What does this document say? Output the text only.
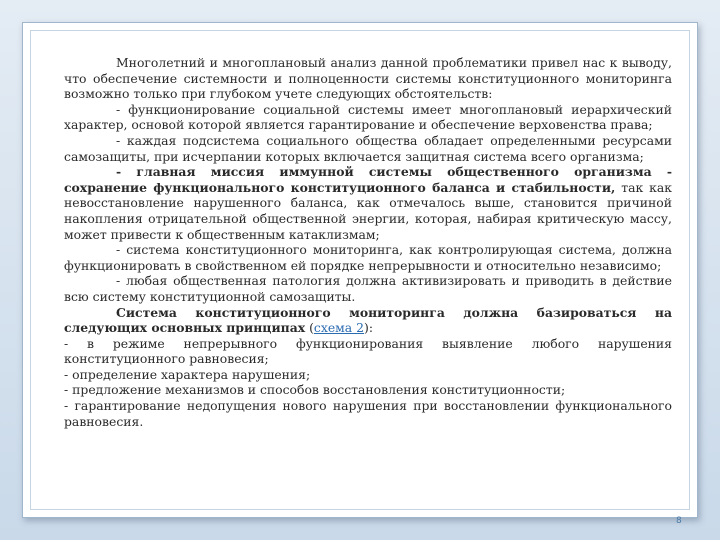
Многолетний и многоплановый анализ данной проблематики привел нас к выводу, что обеспечение системности и полноценности системы конституционного мониторинга возможно только при глубоком учете следующих обстоятельств:

- функционирование социальной системы имеет многоплановый иерархический характер, основой которой является гарантирование и обеспечение верховенства права;

- каждая подсистема социального общества обладает определенными ресурсами самозащиты, при исчерпании которых включается защитная система всего организма;

- главная миссия иммунной системы общественного организма - сохранение функционального конституционного баланса и стабильности, так как невосстановление нарушенного баланса, как отмечалось выше, становится причиной накопления отрицательной общественной энергии, которая, набирая критическую массу, может привести к общественным катаклизмам;

- система конституционного мониторинга, как контролирующая система, должна функционировать в свойственном ей порядке непрерывности и относительно независимо;

- любая общественная патология должна активизировать и приводить в действие всю систему конституционной самозащиты.

Система конституционного мониторинга должна базироваться на следующих основных принципах (схема 2):

- в режиме непрерывного функционирования выявление любого нарушения конституционного равновесия;

- определение характера нарушения;

- предложение механизмов и способов восстановления конституционности;

- гарантирование недопущения нового нарушения при восстановлении функционального равновесия.

8
